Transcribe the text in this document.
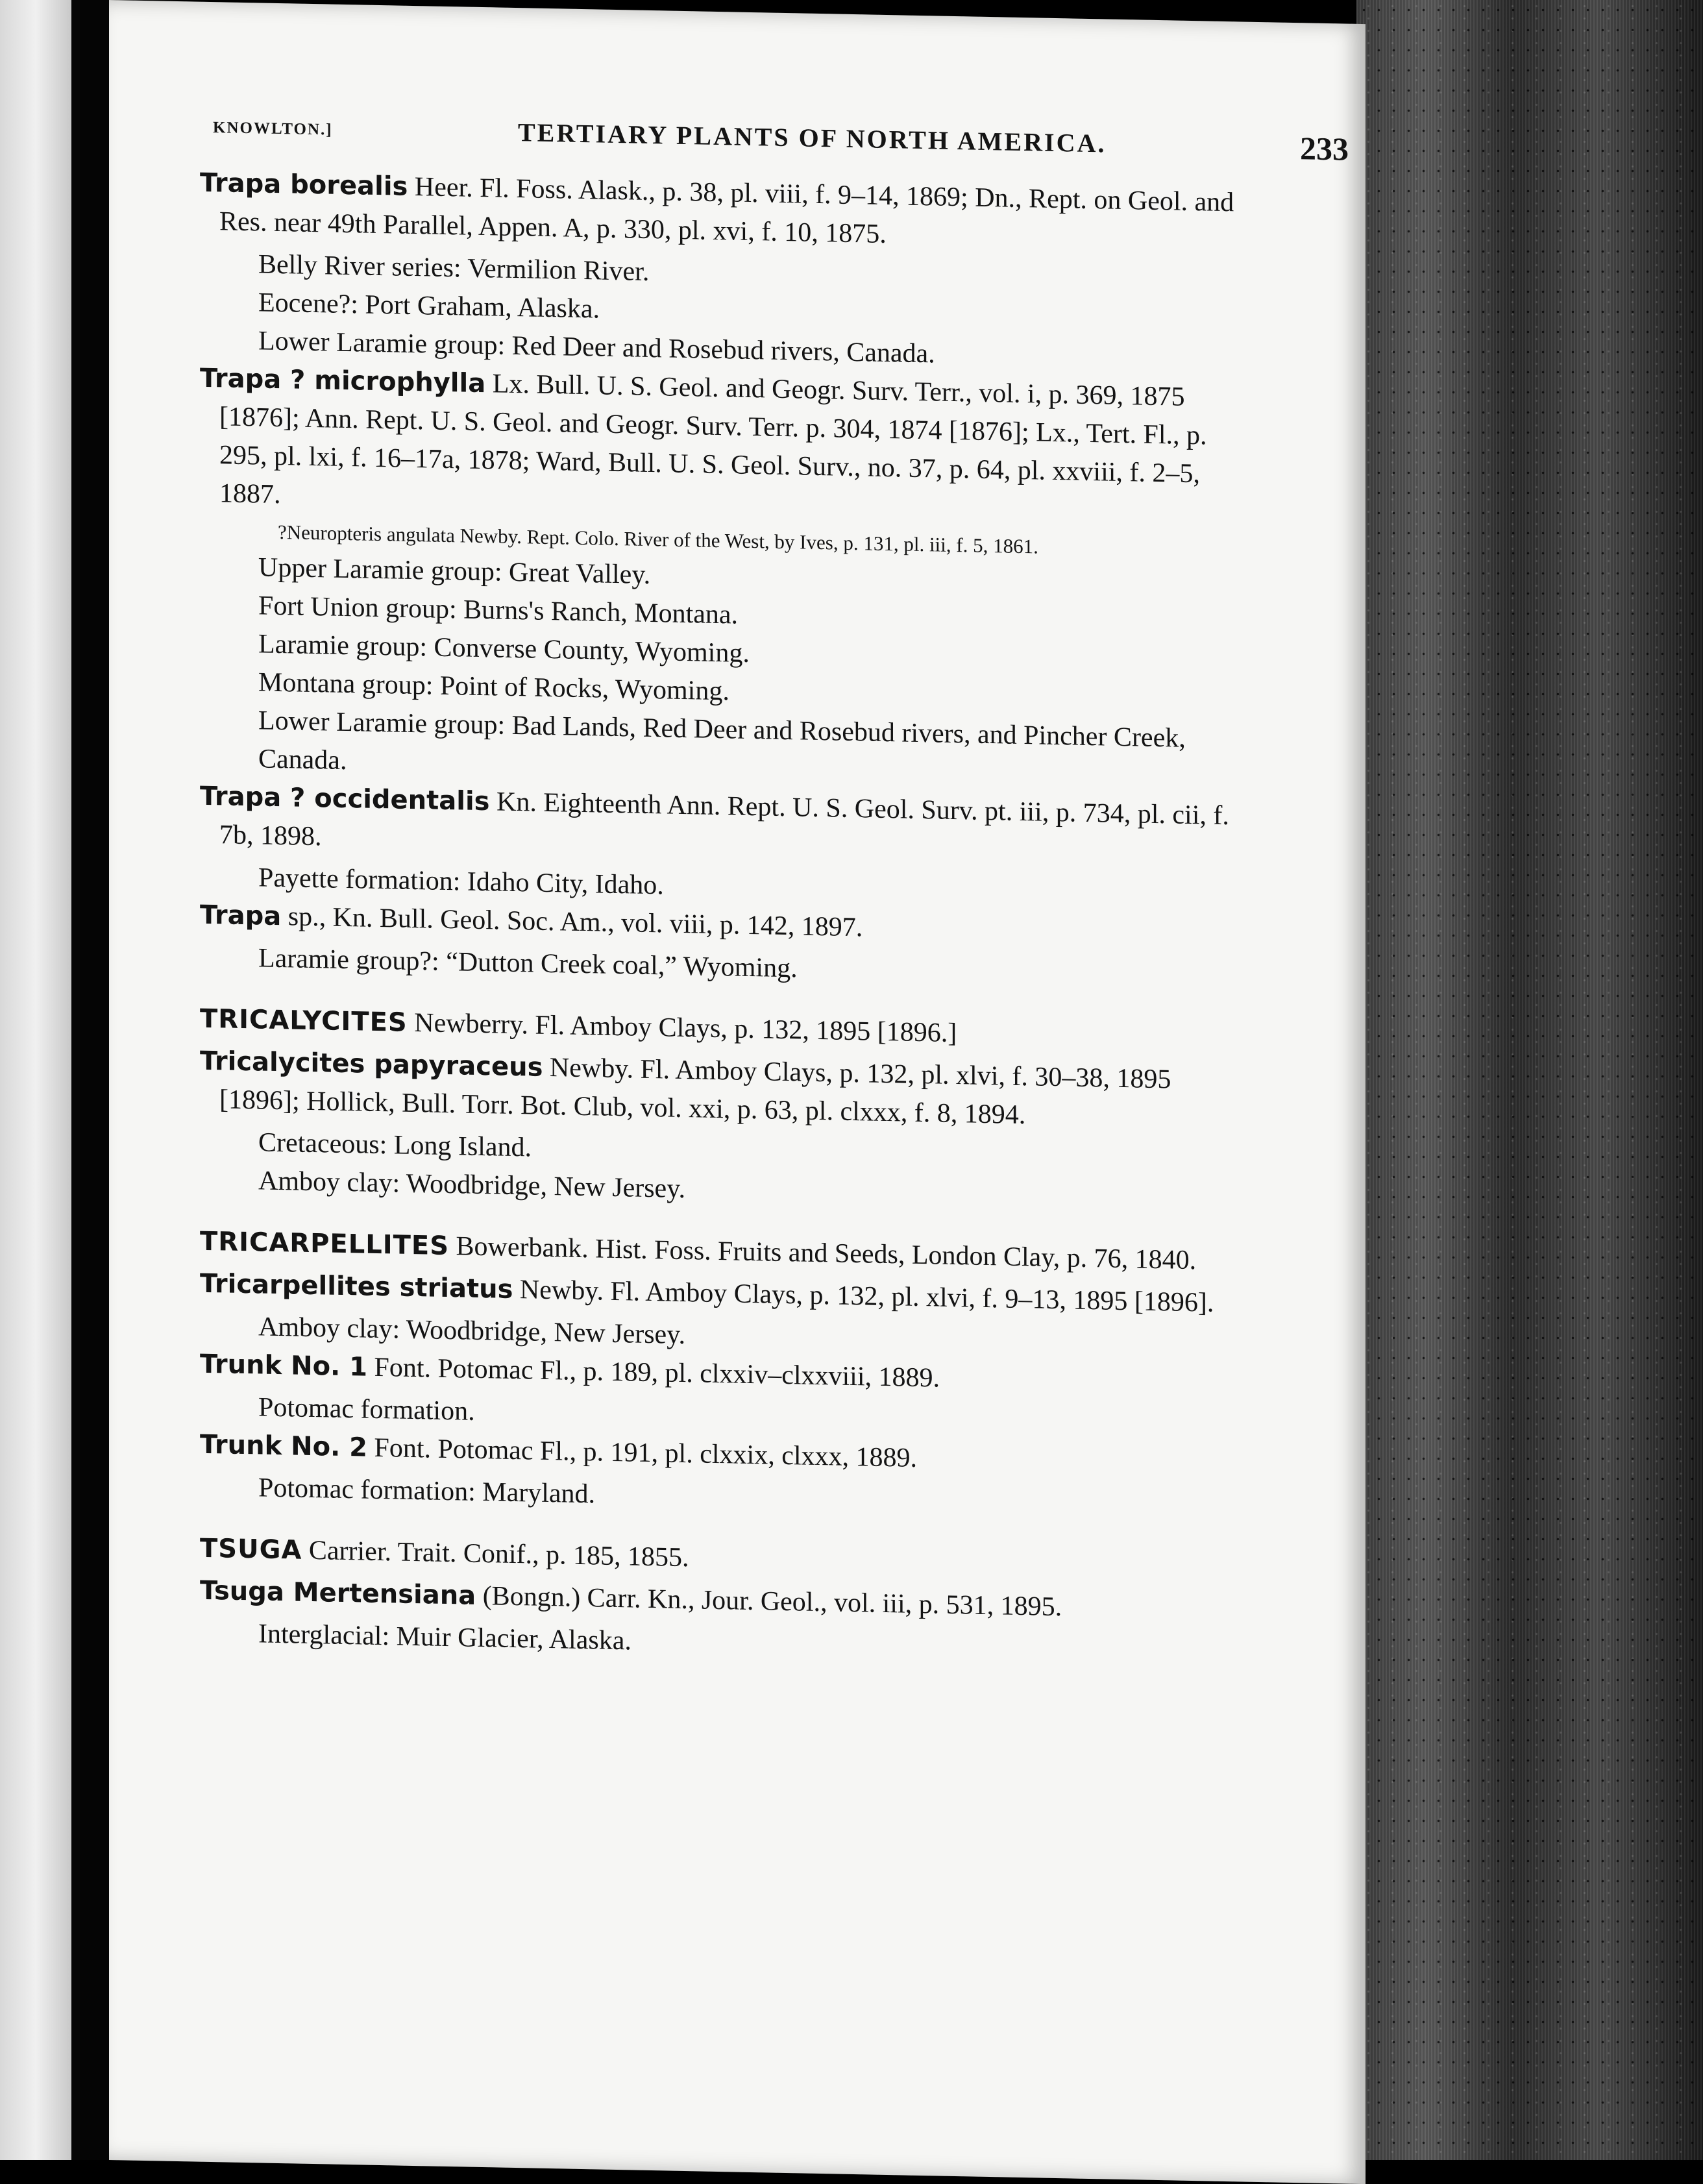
KNOWLTON.]	TERTIARY PLANTS OF NORTH AMERICA.	233

Trapa borealis Heer. Fl. Foss. Alask., p. 38, pl. viii, f. 9–14, 1869; Dn., Rept. on Geol. and Res. near 49th Parallel, Appen. A, p. 330, pl. xvi, f. 10, 1875.

Belly River series: Vermilion River.

Eocene?: Port Graham, Alaska.

Lower Laramie group: Red Deer and Rosebud rivers, Canada.

Trapa ? microphylla Lx. Bull. U. S. Geol. and Geogr. Surv. Terr., vol. i, p. 369, 1875 [1876]; Ann. Rept. U. S. Geol. and Geogr. Surv. Terr. p. 304, 1874 [1876]; Lx., Tert. Fl., p. 295, pl. lxi, f. 16–17a, 1878; Ward, Bull. U. S. Geol. Surv., no. 37, p. 64, pl. xxviii, f. 2–5, 1887.

?Neuropteris angulata Newby. Rept. Colo. River of the West, by Ives, p. 131, pl. iii, f. 5, 1861.

Upper Laramie group: Great Valley.

Fort Union group: Burns's Ranch, Montana.

Laramie group: Converse County, Wyoming.

Montana group: Point of Rocks, Wyoming.

Lower Laramie group: Bad Lands, Red Deer and Rosebud rivers, and Pincher Creek, Canada.

Trapa ? occidentalis Kn. Eighteenth Ann. Rept. U. S. Geol. Surv. pt. iii, p. 734, pl. cii, f. 7b, 1898.

Payette formation: Idaho City, Idaho.

Trapa sp., Kn. Bull. Geol. Soc. Am., vol. viii, p. 142, 1897.

Laramie group?: “Dutton Creek coal,” Wyoming.

TRICALYCITES Newberry. Fl. Amboy Clays, p. 132, 1895 [1896.]

Tricalycites papyraceus Newby. Fl. Amboy Clays, p. 132, pl. xlvi, f. 30–38, 1895 [1896]; Hollick, Bull. Torr. Bot. Club, vol. xxi, p. 63, pl. clxxx, f. 8, 1894.

Cretaceous: Long Island.

Amboy clay: Woodbridge, New Jersey.

TRICARPELLITES Bowerbank. Hist. Foss. Fruits and Seeds, London Clay, p. 76, 1840.

Tricarpellites striatus Newby. Fl. Amboy Clays, p. 132, pl. xlvi, f. 9–13, 1895 [1896].

Amboy clay: Woodbridge, New Jersey.

Trunk No. 1 Font. Potomac Fl., p. 189, pl. clxxiv–clxxviii, 1889.

Potomac formation.

Trunk No. 2 Font. Potomac Fl., p. 191, pl. clxxix, clxxx, 1889.

Potomac formation: Maryland.

TSUGA Carrier. Trait. Conif., p. 185, 1855.

Tsuga Mertensiana (Bongn.) Carr. Kn., Jour. Geol., vol. iii, p. 531, 1895.

Interglacial: Muir Glacier, Alaska.
